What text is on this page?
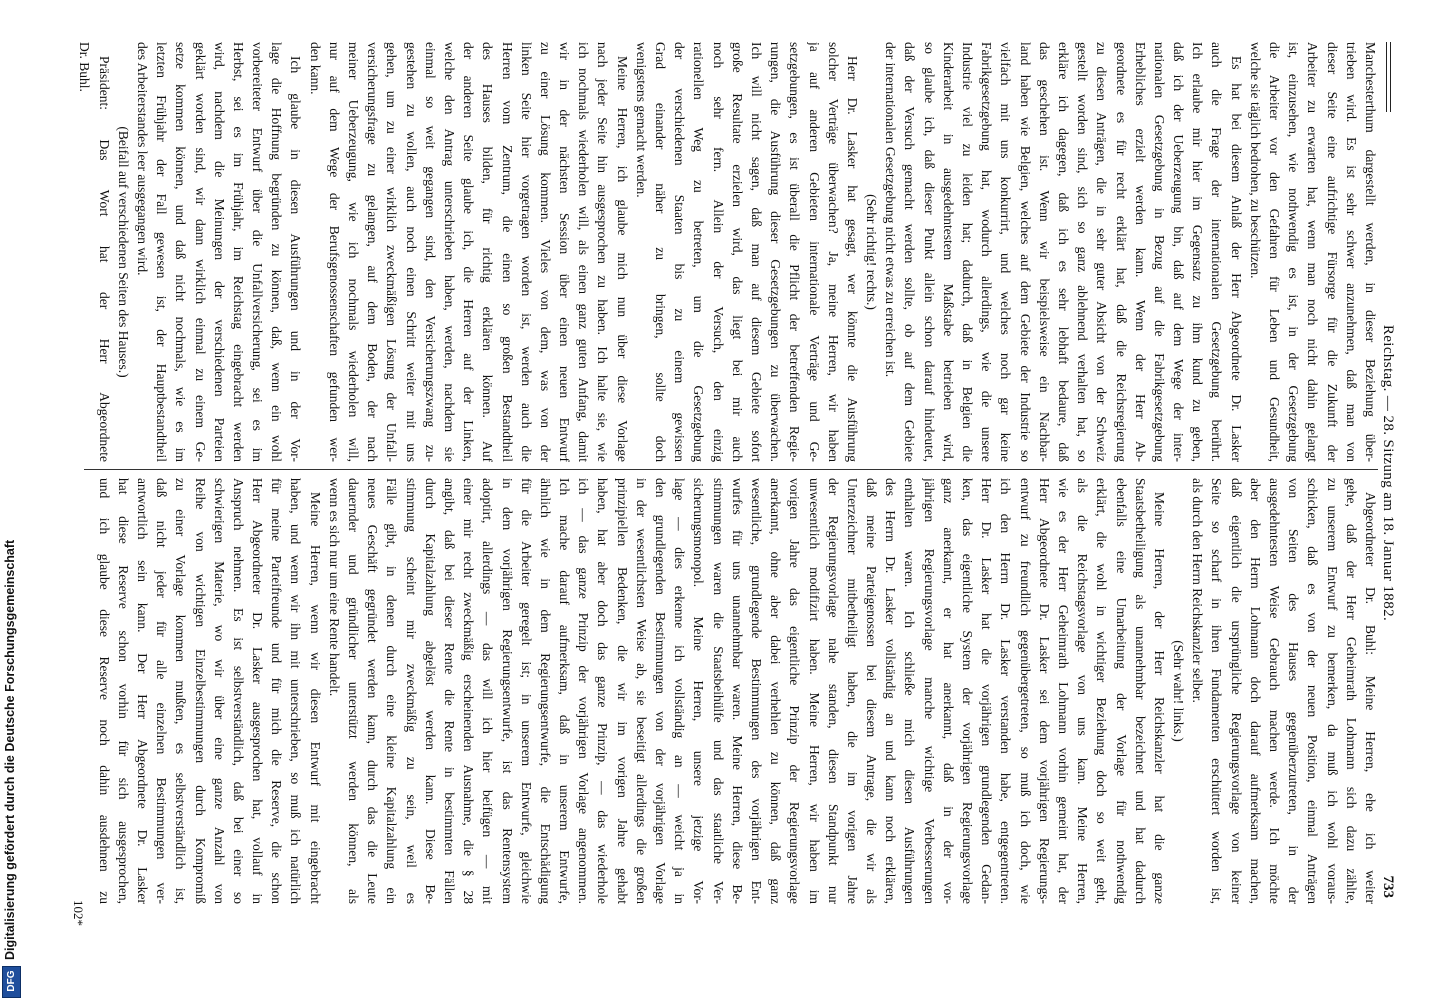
Digitalisierung gefördert durch die Deutsche Forschungsgemeinschaft
DFG
Reichstag. — 28. Sitzung am 18. Januar 1882.
733
Manchesterthum dargestellt werden, in dieser Beziehung über-
trieben wird. Es ist sehr schwer anzunehmen, daß man von
dieser Seite eine aufrichtige Fürsorge für die Zukunft der
Arbeiter zu erwarten hat, wenn man noch nicht dahin gelangt
ist, einzusehen, wie nothwendig es ist, in der Gesetzgebung
die Arbeiter vor den Gefahren für Leben und Gesundheit,
welche sie täglich bedrohen, zu beschützen.
Es hat bei diesem Anlaß der Herr Abgeordnete Dr. Lasker
auch die Frage der internationalen Gesetzgebung berührt.
Ich erlaube mir hier im Gegensatz zu ihm kund zu geben,
daß ich der Ueberzeugung bin, daß auf dem Wege der inter-
nationalen Gesetzgebung in Bezug auf die Fabrikgesetzgebung
Erhebliches erzielt werden kann. Wenn der Herr Ab-
geordnete es für recht erklärt hat, daß die Reichsregierung
zu diesen Anträgen, die in sehr guter Absicht von der Schweiz
gestellt worden sind, sich so ganz ablehnend verhalten hat, so
erkläre ich dagegen, daß ich es sehr lebhaft bedaure, daß
das geschehen ist. Wenn wir beispielsweise ein Nachbar-
land haben wie Belgien, welches auf dem Gebiete der Industrie so
vielfach mit uns konkurrirt, und welches noch gar keine
Fabrikgesetzgebung hat, wodurch allerdings, wie die unsere
Industrie viel zu leiden hat; dadurch, daß in Belgien die
Kinderarbeit in ausgedehntestem Maßstabe betrieben wird,
so glaube ich, daß dieser Punkt allein schon darauf hindeutet,
daß der Versuch gemacht werden sollte, ob auf dem Gebiete
der internationalen Gesetzgebung nicht etwas zu erreichen ist.
(Sehr richtig! rechts.)
Herr Dr. Lasker hat gesagt, wer könnte die Ausführung
solcher Verträge überwachen? Ja, meine Herren, wir haben
ja auf anderen Gebieten internationale Verträge und Ge-
setzgebungen, es ist überall die Pflicht der betreffenden Regie-
rungen, die Ausführung dieser Gesetzgebungen zu überwachen.
Ich will nicht sagen, daß man auf diesem Gebiete sofort
große Resultate erzielen wird, das liegt bei mir auch
noch sehr fern. Allein der Versuch, den einzig
rationellen Weg zu betreten, um die Gesetzgebung
der verschiedenen Staaten bis zu einem gewissen
Grad einander näher zu bringen, sollte doch
wenigstens gemacht werden.
Meine Herren, ich glaube mich nun über diese Vorlage
nach jeder Seite hin ausgesprochen zu haben. Ich halte sie, wie
ich nochmals wiederholen will, als einen ganz guten Anfang, damit
wir in der nächsten Session über einen neuen Entwurf
zu einer Lösung kommen. Vieles von dem, was von der
linken Seite hier vorgetragen worden ist, werden auch die
Herren vom Zentrum, die einen so großen Bestandtheil
des Hauses bilden, für richtig erklären können. Auf
der anderen Seite glaube ich, die Herren auf der Linken,
welche den Antrag unterschrieben haben, werden, nachdem sie
einmal so weit gegangen sind, den Versicherungszwang zu-
gestehen zu wollen, auch noch einen Schritt weiter mit uns
gehen, um zu einer wirklich zweckmäßigen Lösung der Unfall-
versicherungsfrage zu gelangen, auf dem Boden, der nach
meiner Ueberzeugung, wie ich nochmals wiederholen will,
nur auf dem Wege der Berufsgenossenschaften gefunden wer-
den kann.
Ich glaube in diesen Ausführungen und in der Vor-
lage die Hoffnung begründen zu können, daß, wenn ein wohl
vorbereiteter Entwurf über die Unfallversicherung, sei es im
Herbst, sei es im Frühjahr, im Reichstag eingebracht werden
wird, nachdem die Meinungen der verschiedenen Parteien
geklärt worden sind, wir dann wirklich einmal zu einem Ge-
setze kommen können, und daß nicht nochmals, wie es im
letzten Frühjahr der Fall gewesen ist, der Hauptbestandtheil
des Arbeiterstandes leer ausgegangen wird.
(Beifall auf verschiedenen Seiten des Hauses.)
Präsident: Das Wort hat der Herr Abgeordnete
Dr. Buhl.
Abgeordneter Dr. Buhl: Meine Herren, ehe ich weiter
gehe, daß der Herr Geheimrath Lohmann sich dazu zählte,
zu unserem Entwurf zu bemerken, da muß ich wohl voraus-
schicken, daß es von der neuen Position, einmal Anträgen
von Seiten des Hauses gegenüberzutreten, in der
ausgedehntesten Weise Gebrauch machen werde. Ich möchte
aber den Herrn Lohmann doch darauf aufmerksam machen,
daß eigentlich die ursprüngliche Regierungsvorlage von keiner
Seite so scharf in ihren Fundamenten erschüttert worden ist,
als durch den Herrn Reichskanzler selber.
(Sehr wahr! links.)
Meine Herren, der Herr Reichskanzler hat die ganze
Staatsbetheiligung als unannehmbar bezeichnet und hat dadurch
ebenfalls eine Umarbeitung der Vorlage für nothwendig
erklärt, die wohl in wichtiger Beziehung doch so weit geht,
als die Reichstagsvorlage von uns kam. Meine Herren,
wie es der Herr Geheimrath Lohmann vorhin gemeint hat, der
Herr Abgeordnete Dr. Lasker sei dem vorjährigen Regierungs-
entwurf zu freundlich gegenübergetreten, so muß ich doch, wie
ich den Herrn Dr. Lasker verstanden habe, entgegentreten.
Herr Dr. Lasker hat die vorjährigen grundlegenden Gedan-
ken, das eigentliche System der vorjährigen Regierungsvorlage
ganz anerkannt, er hat anerkannt, daß in der vor-
jährigen Regierungsvorlage manche wichtige Verbesserungen
enthalten waren. Ich schließe mich diesen Ausführungen
des Herrn Dr. Lasker vollständig an und kann noch erklären,
daß meine Parteigenossen bei diesem Antrage, die wir als
Unterzeichner mitbetheiligt haben, die im vorigen Jahre
der Regierungsvorlage nahe standen, diesen Standpunkt nur
unwesentlich modifizirt haben. Meine Herren, wir haben im
vorigen Jahre das eigentliche Prinzip der Regierungsvorlage
anerkannt, ohne aber dabei verhehlen zu können, daß ganz
wesentliche, grundlegende Bestimmungen des vorjährigen Ent-
wurfes für uns unannehmbar waren. Meine Herren, diese Be-
stimmungen waren die Staatsbeihülfe und das staatliche Ver-
sicherungsmonopol. Meine Herren, unsere jetzige Vor-
lage — dies erkenne ich vollständig an — weicht ja in
den grundlegenden Bestimmungen von der vorjährigen Vorlage
in der wesentlichsten Weise ab, sie beseitigt allerdings die großen
prinzipiellen Bedenken, die wir im vorigen Jahre gehabt
haben, hat aber doch das ganze Prinzip, — das wiederhole
ich — das ganze Prinzip der vorjährigen Vorlage angenommen.
Ich mache darauf aufmerksam, daß in unserem Entwurfe,
ähnlich wie in dem Regierungsentwurfe, die Entschädigung
für die Arbeiter geregelt ist; in unserem Entwurfe, gleichwie
in dem vorjährigen Regierungsentwurfe, ist das Rentensystem
adoptirt, allerdings — das will ich hier beifügen — mit
einer mir recht zweckmäßig erscheinenden Ausnahme, die § 28
angibt, daß bei dieser Rente die Rente in bestimmten Fällen
durch Kapitalzahlung abgelöst werden kann. Diese Be-
stimmung scheint mir zweckmäßig zu sein, weil es
Fälle gibt, in denen durch eine kleine Kapitalzahlung ein
neues Geschäft gegründet werden kann, durch das die Leute
dauernder und gründlicher unterstützt werden können, als
wenn es sich nur um eine Rente handelt.
Meine Herren, wenn wir diesen Entwurf mit eingebracht
haben, und wenn wir ihn mit unterschrieben, so muß ich natürlich
für meine Parteifreunde und für mich die Reserve, die schon
Herr Abgeordneter Dr. Lasker ausgesprochen hat, vollauf in
Anspruch nehmen. Es ist selbstverständlich, daß bei einer so
schwierigen Materie, wo wir über eine ganze Anzahl von
Reihe von wichtigen Einzelbestimmungen durch Kompromiß
zu einer Vorlage kommen mußten, es selbstverständlich ist,
daß nicht jeder für alle einzelnen Bestimmungen ver-
antwortlich sein kann. Der Herr Abgeordnete Dr. Lasker
hat diese Reserve schon vorhin für sich ausgesprochen,
und ich glaube diese Reserve noch dahin ausdehnen zu
102*
